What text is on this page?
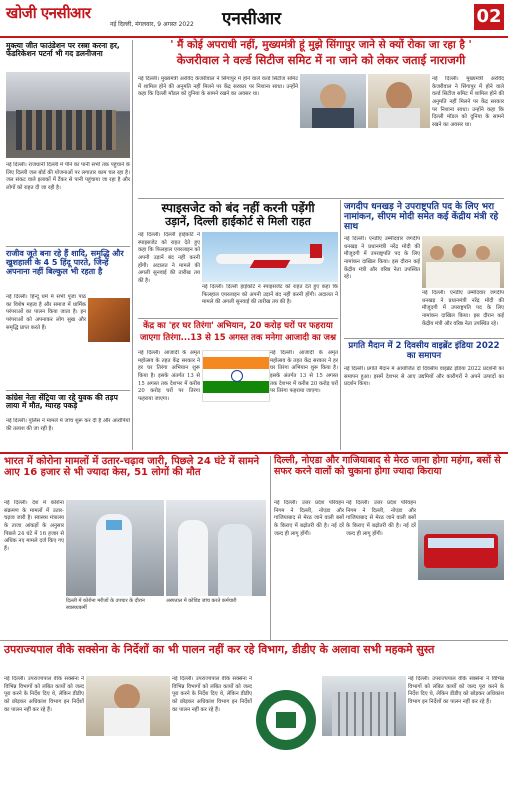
खोजी एनसीआर
नई दिल्ली, मंगलवार, 9 अगस्त 2022 एनसीआर	02
मुक्त्या जीत फाउंडेशन पर रस्त्रा करना हर, फेडरिकेशन पटर्ना भी गद डलनीजना
नई दिल्ली। राजधानी दिल्ली में पीने का पानी सभी तक पहुंचाने के लिए दिल्ली जल बोर्ड की योजनाओं पर लगातार काम चल रहा है। जल संकट वाले इलाकों में टैंकर से पानी पहुंचाया जा रहा है और लोगों को राहत दी जा रही है।
राजीव जूते बना रहे हैं शादि, समृद्धि और खुशहाली के 4 5 हिंदू पारते, जिन्हें अपनाना नहीं बिल्कुल भी रहता है
नई दिल्ली। हिन्दू धर्म में सभी पूजा पाठ का विशेष महत्व है और समाज में धार्मिक परंपराओं का पालन किया जाता है। इन परंपराओं को अपनाकर लोग सुख और समृद्धि प्राप्त करते हैं।
कांग्रेस नेता सेंट्रिया जा रहे युवक की तड़प लाया में मौत, ग्यारह पकड़े
नई दिल्ली। पुलिस ने मामले में जांच शुरू कर दी है और आरोपियों की तलाश की जा रही है।
' मैं कोई अपराधी नहीं, मुख्यमंत्री हूं मुझे सिंगापुर जाने से क्यों रोका जा रहा है '
केजरीवाल ने वर्ल्ड सिटीज समिट में ना जाने को लेकर जताई नाराजगी
नई दिल्ली। मुख्यमंत्री अरविंद केजरीवाल ने सिंगापुर में होने वाले वर्ल्ड सिटीज समिट में शामिल होने की अनुमति नहीं मिलने पर केंद्र सरकार पर निशाना साधा। उन्होंने कहा कि दिल्ली मॉडल को दुनिया के सामने रखने का अवसर था।
नई दिल्ली। मुख्यमंत्री अरविंद केजरीवाल ने सिंगापुर में होने वाले वर्ल्ड सिटीज समिट में शामिल होने की अनुमति नहीं मिलने पर केंद्र सरकार पर निशाना साधा। उन्होंने कहा कि दिल्ली मॉडल को दुनिया के सामने रखने का अवसर था।
स्पाइसजेट को बंद नहीं करनी पड़ेंगी
उड़ानें, दिल्ली हाईकोर्ट से मिली राहत
नई दिल्ली। दिल्ली हाईकोर्ट ने स्पाइसजेट को राहत देते हुए कहा कि फिलहाल एयरलाइन को अपनी उड़ानें बंद नहीं करनी होंगी। अदालत ने मामले की अगली सुनवाई की तारीख तय की है।
नई दिल्ली। दिल्ली हाईकोर्ट ने स्पाइसजेट को राहत देते हुए कहा कि फिलहाल एयरलाइन को अपनी उड़ानें बंद नहीं करनी होंगी। अदालत ने मामले की अगली सुनवाई की तारीख तय की है।
केंद्र का 'हर घर तिरंगा' अभियान, 20 करोड़ घरों पर फहराया
जाएगा तिरंगा...13 से 15 अगस्त तक मनेगा आजादी का जश्न
नई दिल्ली। आजादी के अमृत महोत्सव के तहत केंद्र सरकार ने हर घर तिरंगा अभियान शुरू किया है। इसके अंतर्गत 13 से 15 अगस्त तक देशभर में करीब 20 करोड़ घरों पर तिरंगा फहराया जाएगा।
नई दिल्ली। आजादी के अमृत महोत्सव के तहत केंद्र सरकार ने हर घर तिरंगा अभियान शुरू किया है। इसके अंतर्गत 13 से 15 अगस्त तक देशभर में करीब 20 करोड़ घरों पर तिरंगा फहराया जाएगा।
जगदीप धनखड़ ने उपराष्ट्रपति पद के लिए भरा नामांकन, सीएम मोदी समेत कई केंद्रीय मंत्री रहे साथ
नई दिल्ली। एनडीए उम्मीदवार जगदीप धनखड़ ने प्रधानमंत्री नरेंद्र मोदी की मौजूदगी में उपराष्ट्रपति पद के लिए नामांकन दाखिल किया। इस दौरान कई केंद्रीय मंत्री और वरिष्ठ नेता उपस्थित रहे।
नई दिल्ली। एनडीए उम्मीदवार जगदीप धनखड़ ने प्रधानमंत्री नरेंद्र मोदी की मौजूदगी में उपराष्ट्रपति पद के लिए नामांकन दाखिल किया। इस दौरान कई केंद्रीय मंत्री और वरिष्ठ नेता उपस्थित रहे।
प्रगति मैदान में 2 दिवसीय वाइब्रेंट इंडिया 2022 का समापन
नई दिल्ली। प्रगति मैदान में आयोजित दो दिवसीय वाइब्रेंट इंडिया 2022 प्रदर्शनी का समापन हुआ। इसमें देशभर से आए उद्यमियों और कारीगरों ने अपने उत्पादों का प्रदर्शन किया।
भारत में कोरोना मामलों में उतार-चढ़ाव जारी, पिछले 24 घंटे में सामने आए 16 हजार से भी ज्यादा केस, 51 लोगों की मौत
नई दिल्ली। देश में कोरोना संक्रमण के मामलों में उतार-चढ़ाव जारी है। स्वास्थ्य मंत्रालय के ताजा आंकड़ों के अनुसार पिछले 24 घंटे में 16 हजार से अधिक नए मामले दर्ज किए गए हैं।
दिल्ली में कोरोना मरीजों के उपचार के दौरान स्वास्थ्यकर्मी
अस्पताल में कोविड जांच करते कर्मचारी
दिल्ली, नोएडा और गाजियाबाद से मेरठ जाना होगा महंगा, बसों से सफर करने वालों को चुकाना होगा ज्यादा किराया
नई दिल्ली। उत्तर प्रदेश परिवहन निगम ने दिल्ली, नोएडा और गाजियाबाद से मेरठ जाने वाली बसों के किराए में बढ़ोतरी की है। नई दरें जल्द ही लागू होंगी।
नई दिल्ली। उत्तर प्रदेश परिवहन निगम ने दिल्ली, नोएडा और गाजियाबाद से मेरठ जाने वाली बसों के किराए में बढ़ोतरी की है। नई दरें जल्द ही लागू होंगी।
उपराज्यपाल वीके सक्सेना के निर्देशों का भी पालन नहीं कर रहे विभाग, डीडीए के अलावा सभी महकमे सुस्त
नई दिल्ली। उपराज्यपाल वीके सक्सेना ने विभिन्न विभागों को लंबित कार्यों को जल्द पूरा करने के निर्देश दिए थे, लेकिन डीडीए को छोड़कर अधिकांश विभाग इन निर्देशों का पालन नहीं कर रहे हैं।
नई दिल्ली। उपराज्यपाल वीके सक्सेना ने विभिन्न विभागों को लंबित कार्यों को जल्द पूरा करने के निर्देश दिए थे, लेकिन डीडीए को छोड़कर अधिकांश विभाग इन निर्देशों का पालन नहीं कर रहे हैं।
नई दिल्ली। उपराज्यपाल वीके सक्सेना ने विभिन्न विभागों को लंबित कार्यों को जल्द पूरा करने के निर्देश दिए थे, लेकिन डीडीए को छोड़कर अधिकांश विभाग इन निर्देशों का पालन नहीं कर रहे हैं।
